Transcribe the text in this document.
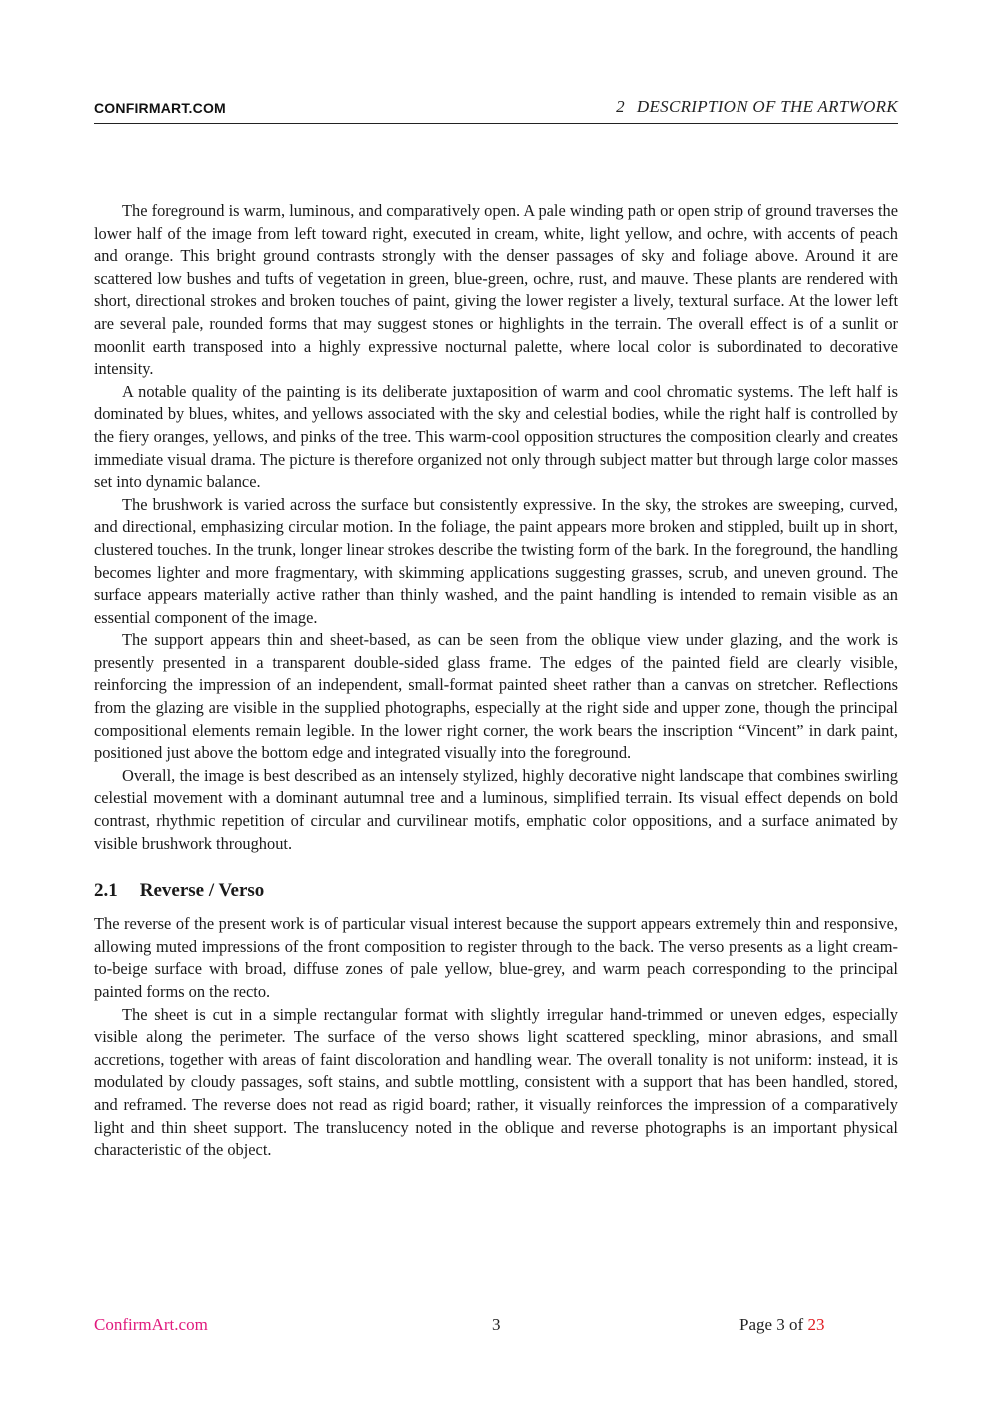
CONFIRMART.COM	2 DESCRIPTION OF THE ARTWORK

The foreground is warm, luminous, and comparatively open. A pale winding path or open strip of ground traverses the lower half of the image from left toward right, executed in cream, white, light yellow, and ochre, with accents of peach and orange. This bright ground contrasts strongly with the denser passages of sky and foliage above. Around it are scattered low bushes and tufts of vegetation in green, blue-green, ochre, rust, and mauve. These plants are rendered with short, directional strokes and broken touches of paint, giving the lower register a lively, textural surface. At the lower left are several pale, rounded forms that may suggest stones or highlights in the terrain. The overall effect is of a sunlit or moonlit earth transposed into a highly expressive nocturnal palette, where local color is subordinated to decorative intensity.

A notable quality of the painting is its deliberate juxtaposition of warm and cool chromatic systems. The left half is dominated by blues, whites, and yellows associated with the sky and celestial bodies, while the right half is controlled by the fiery oranges, yellows, and pinks of the tree. This warm-cool opposition structures the composition clearly and creates immediate visual drama. The picture is therefore organized not only through subject matter but through large color masses set into dynamic balance.

The brushwork is varied across the surface but consistently expressive. In the sky, the strokes are sweeping, curved, and directional, emphasizing circular motion. In the foliage, the paint appears more broken and stippled, built up in short, clustered touches. In the trunk, longer linear strokes describe the twisting form of the bark. In the foreground, the handling becomes lighter and more fragmentary, with skimming applications suggesting grasses, scrub, and uneven ground. The surface appears materially active rather than thinly washed, and the paint handling is intended to remain visible as an essential component of the image.

The support appears thin and sheet-based, as can be seen from the oblique view under glazing, and the work is presently presented in a transparent double-sided glass frame. The edges of the painted field are clearly visible, reinforcing the impression of an independent, small-format painted sheet rather than a canvas on stretcher. Reflections from the glazing are visible in the supplied photographs, especially at the right side and upper zone, though the principal compositional elements remain legible. In the lower right corner, the work bears the inscription “Vincent” in dark paint, positioned just above the bottom edge and integrated visually into the foreground.

Overall, the image is best described as an intensely stylized, highly decorative night landscape that combines swirling celestial movement with a dominant autumnal tree and a luminous, simplified terrain. Its visual effect depends on bold contrast, rhythmic repetition of circular and curvilinear motifs, emphatic color oppositions, and a surface animated by visible brushwork throughout.

2.1 Reverse / Verso

The reverse of the present work is of particular visual interest because the support appears extremely thin and responsive, allowing muted impressions of the front composition to register through to the back. The verso presents as a light cream-to-beige surface with broad, diffuse zones of pale yellow, blue-grey, and warm peach corresponding to the principal painted forms on the recto.

The sheet is cut in a simple rectangular format with slightly irregular hand-trimmed or uneven edges, especially visible along the perimeter. The surface of the verso shows light scattered speckling, minor abrasions, and small accretions, together with areas of faint discoloration and handling wear. The overall tonality is not uniform: instead, it is modulated by cloudy passages, soft stains, and subtle mottling, consistent with a support that has been handled, stored, and reframed. The reverse does not read as rigid board; rather, it visually reinforces the impression of a comparatively light and thin sheet support. The translucency noted in the oblique and reverse photographs is an important physical characteristic of the object.

ConfirmArt.com	3	Page 3 of 23
